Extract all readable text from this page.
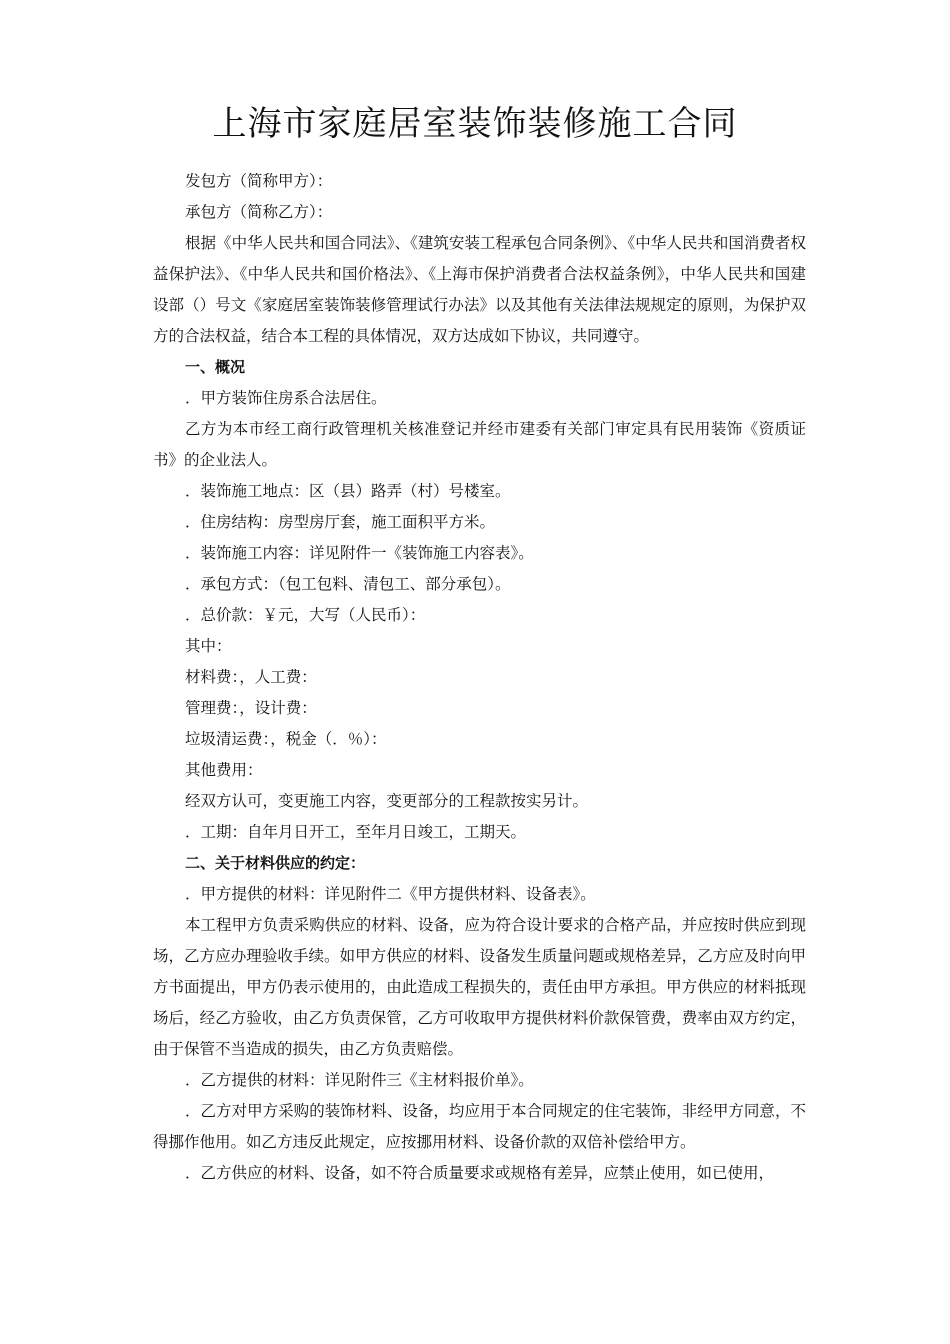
上海市家庭居室装饰装修施工合同

发包方（简称甲方）：

承包方（简称乙方）：

根据《中华人民共和国合同法》、《建筑安装工程承包合同条例》、《中华人民共和国消费者权益保护法》、《中华人民共和国价格法》、《上海市保护消费者合法权益条例》，中华人民共和国建设部（）号文《家庭居室装饰装修管理试行办法》以及其他有关法律法规规定的原则，为保护双方的合法权益，结合本工程的具体情况，双方达成如下协议，共同遵守。

一、概况

．甲方装饰住房系合法居住。

乙方为本市经工商行政管理机关核准登记并经市建委有关部门审定具有民用装饰《资质证书》的企业法人。

．装饰施工地点：区（县）路弄（村）号楼室。

．住房结构：房型房厅套，施工面积平方米。

．装饰施工内容：详见附件一《装饰施工内容表》。

．承包方式：（包工包料、清包工、部分承包）。

．总价款：￥元，大写（人民币）：

其中：

材料费：，人工费：

管理费：，设计费：

垃圾清运费：，税金（．％）：

其他费用：

经双方认可，变更施工内容，变更部分的工程款按实另计。

．工期：自年月日开工，至年月日竣工，工期天。

二、关于材料供应的约定：

．甲方提供的材料：详见附件二《甲方提供材料、设备表》。

本工程甲方负责采购供应的材料、设备，应为符合设计要求的合格产品，并应按时供应到现场，乙方应办理验收手续。如甲方供应的材料、设备发生质量问题或规格差异，乙方应及时向甲方书面提出，甲方仍表示使用的，由此造成工程损失的，责任由甲方承担。甲方供应的材料抵现场后，经乙方验收，由乙方负责保管，乙方可收取甲方提供材料价款保管费，费率由双方约定，由于保管不当造成的损失，由乙方负责赔偿。

．乙方提供的材料：详见附件三《主材料报价单》。

．乙方对甲方采购的装饰材料、设备，均应用于本合同规定的住宅装饰，非经甲方同意，不得挪作他用。如乙方违反此规定，应按挪用材料、设备价款的双倍补偿给甲方。

．乙方供应的材料、设备，如不符合质量要求或规格有差异，应禁止使用，如已使用，
